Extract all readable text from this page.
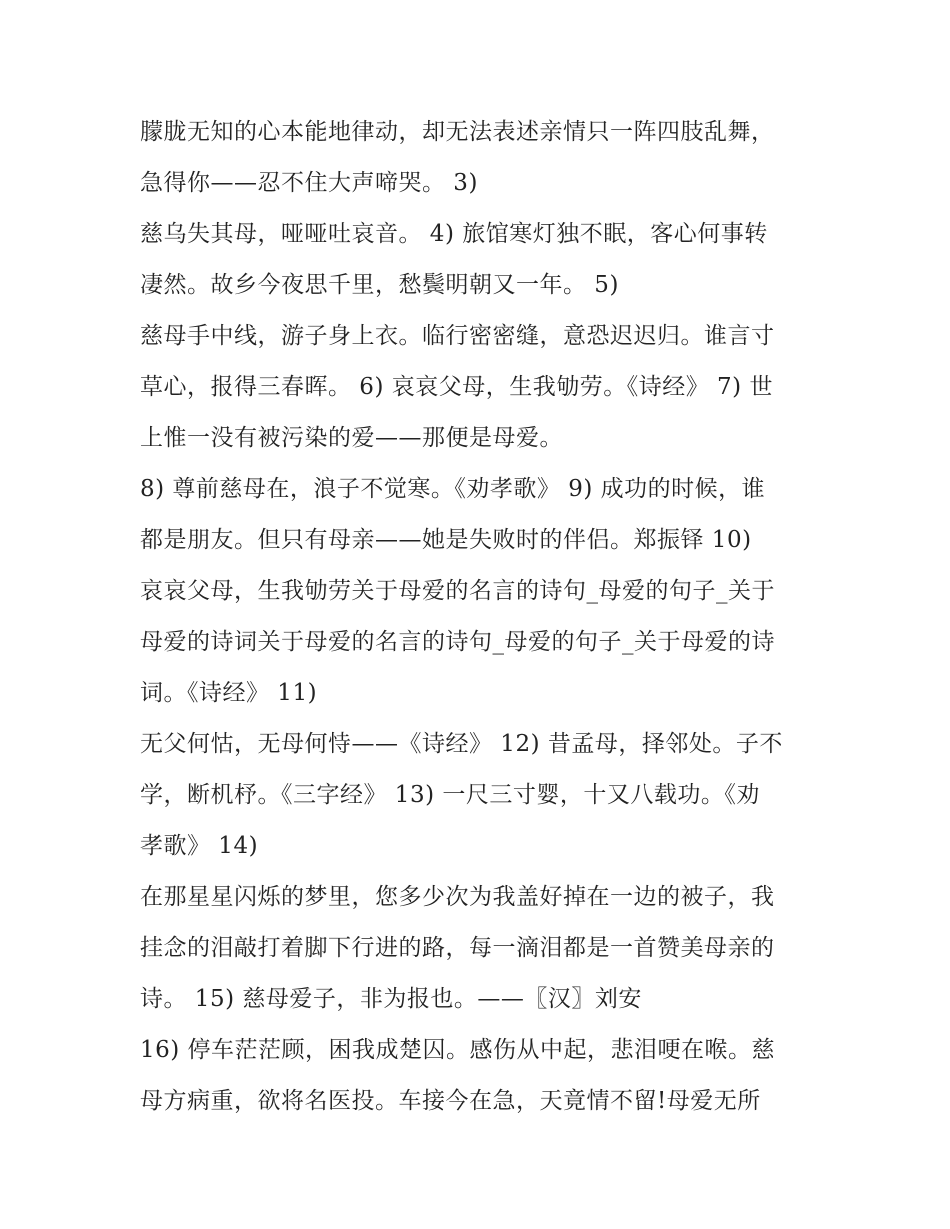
朦胧无知的心本能地律动，却无法表述亲情只一阵四肢乱舞，
急得你——忍不住大声啼哭。 3)
慈乌失其母，哑哑吐哀音。 4) 旅馆寒灯独不眠，客心何事转
凄然。故乡今夜思千里，愁鬓明朝又一年。 5)
慈母手中线，游子身上衣。临行密密缝，意恐迟迟归。谁言寸
草心，报得三春晖。 6) 哀哀父母，生我劬劳。《诗经》 7) 世
上惟一没有被污染的爱——那便是母爱。
8) 尊前慈母在，浪子不觉寒。《劝孝歌》 9) 成功的时候，谁
都是朋友。但只有母亲——她是失败时的伴侣。郑振铎 10)
哀哀父母，生我劬劳关于母爱的名言的诗句_母爱的句子_关于
母爱的诗词关于母爱的名言的诗句_母爱的句子_关于母爱的诗
词。《诗经》 11)
无父何怙，无母何恃——《诗经》 12) 昔孟母，择邻处。子不
学，断机杼。《三字经》 13) 一尺三寸婴，十又八载功。《劝
孝歌》 14)
在那星星闪烁的梦里，您多少次为我盖好掉在一边的被子，我
挂念的泪敲打着脚下行进的路，每一滴泪都是一首赞美母亲的
诗。 15) 慈母爱子，非为报也。——〖汉〗刘安
16) 停车茫茫顾，困我成楚囚。感伤从中起，悲泪哽在喉。慈
母方病重，欲将名医投。车接今在急，天竟情不留!母爱无所
